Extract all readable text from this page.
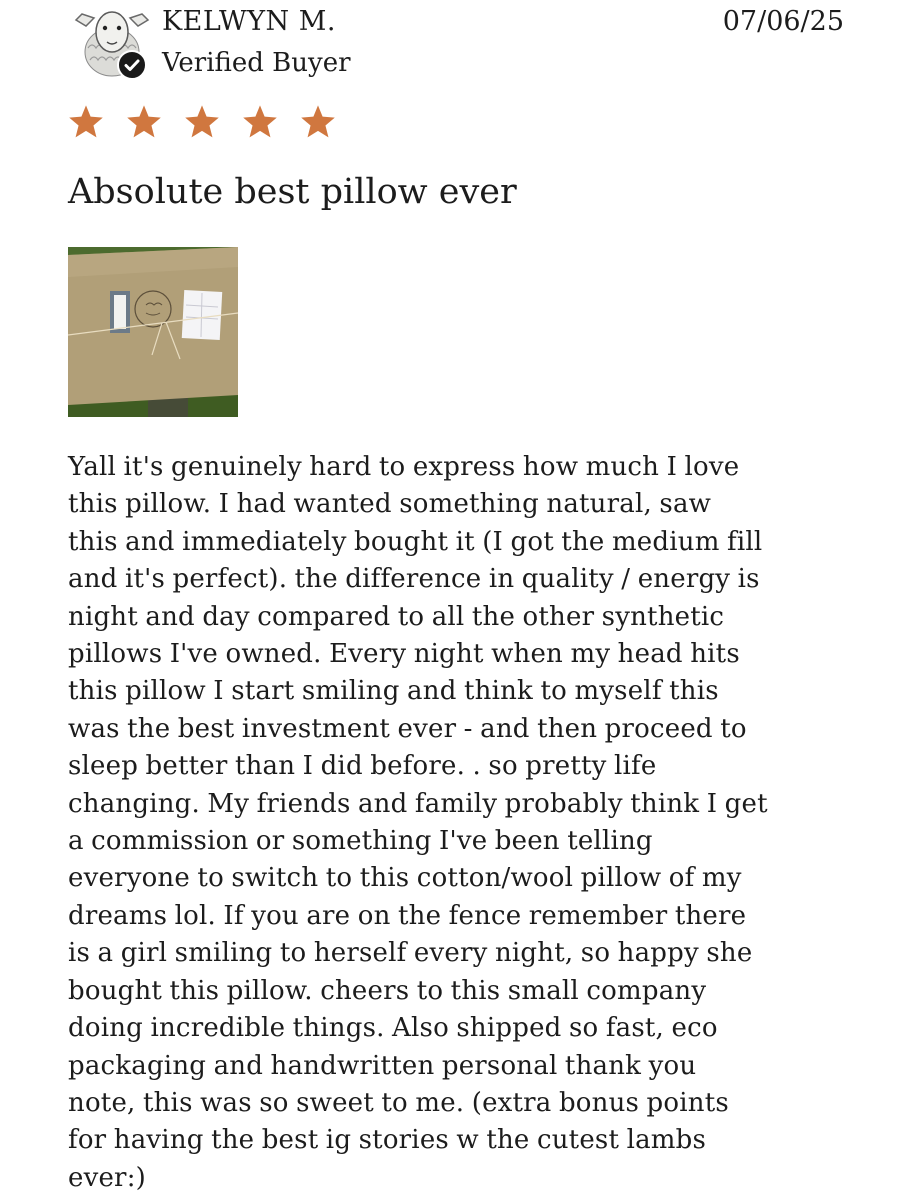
KELWYN M.
Verified Buyer
07/06/25
Absolute best pillow ever

Yall it's genuinely hard to express how much I love
this pillow. I had wanted something natural, saw
this and immediately bought it (I got the medium fill
and it's perfect). the difference in quality / energy is
night and day compared to all the other synthetic
pillows I've owned. Every night when my head hits
this pillow I start smiling and think to myself this
was the best investment ever - and then proceed to
sleep better than I did before. . so pretty life
changing. My friends and family probably think I get
a commission or something I've been telling
everyone to switch to this cotton/wool pillow of my
dreams lol. If you are on the fence remember there
is a girl smiling to herself every night, so happy she
bought this pillow. cheers to this small company
doing incredible things. Also shipped so fast, eco
packaging and handwritten personal thank you
note, this was so sweet to me. (extra bonus points
for having the best ig stories w the cutest lambs
ever:)
